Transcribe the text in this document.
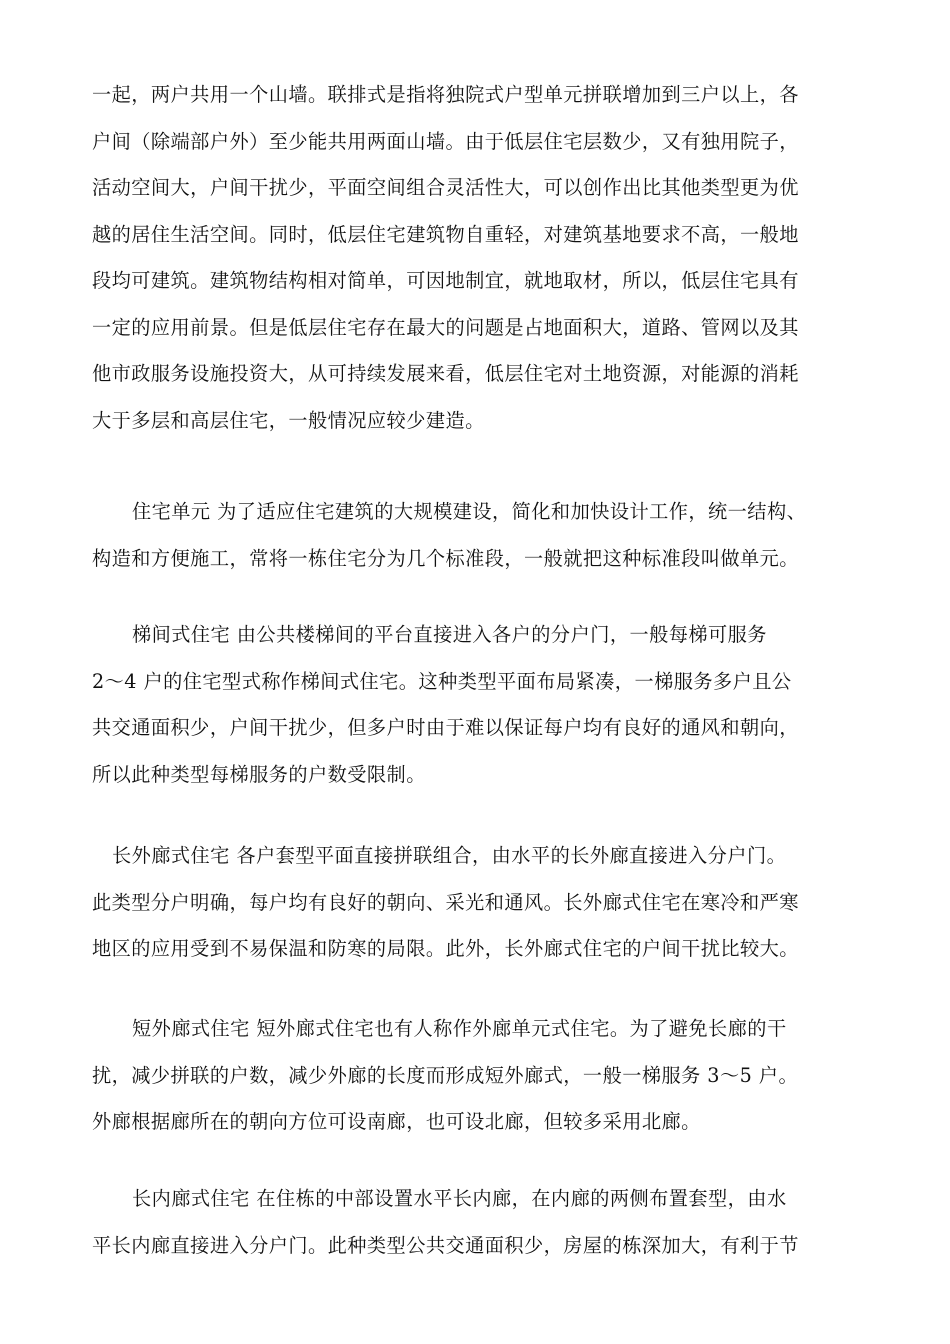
一起，两户共用一个山墙。联排式是指将独院式户型单元拼联增加到三户以上，各
户间（除端部户外）至少能共用两面山墙。由于低层住宅层数少，又有独用院子，
活动空间大，户间干扰少，平面空间组合灵活性大，可以创作出比其他类型更为优
越的居住生活空间。同时，低层住宅建筑物自重轻，对建筑基地要求不高，一般地
段均可建筑。建筑物结构相对简单，可因地制宜，就地取材，所以，低层住宅具有
一定的应用前景。但是低层住宅存在最大的问题是占地面积大，道路、管网以及其
他市政服务设施投资大，从可持续发展来看，低层住宅对土地资源，对能源的消耗
大于多层和高层住宅，一般情况应较少建造。
住宅单元 为了适应住宅建筑的大规模建设，简化和加快设计工作，统一结构、
构造和方便施工，常将一栋住宅分为几个标准段，一般就把这种标准段叫做单元。
梯间式住宅 由公共楼梯间的平台直接进入各户的分户门，一般每梯可服务
2～4 户的住宅型式称作梯间式住宅。这种类型平面布局紧凑，一梯服务多户且公
共交通面积少，户间干扰少，但多户时由于难以保证每户均有良好的通风和朝向，
所以此种类型每梯服务的户数受限制。
长外廊式住宅 各户套型平面直接拼联组合，由水平的长外廊直接进入分户门。
此类型分户明确，每户均有良好的朝向、采光和通风。长外廊式住宅在寒冷和严寒
地区的应用受到不易保温和防寒的局限。此外，长外廊式住宅的户间干扰比较大。
短外廊式住宅 短外廊式住宅也有人称作外廊单元式住宅。为了避免长廊的干
扰，减少拼联的户数，减少外廊的长度而形成短外廊式，一般一梯服务 3～5 户。
外廊根据廊所在的朝向方位可设南廊，也可设北廊，但较多采用北廊。
长内廊式住宅 在住栋的中部设置水平长内廊，在内廊的两侧布置套型，由水
平长内廊直接进入分户门。此种类型公共交通面积少，房屋的栋深加大，有利于节
